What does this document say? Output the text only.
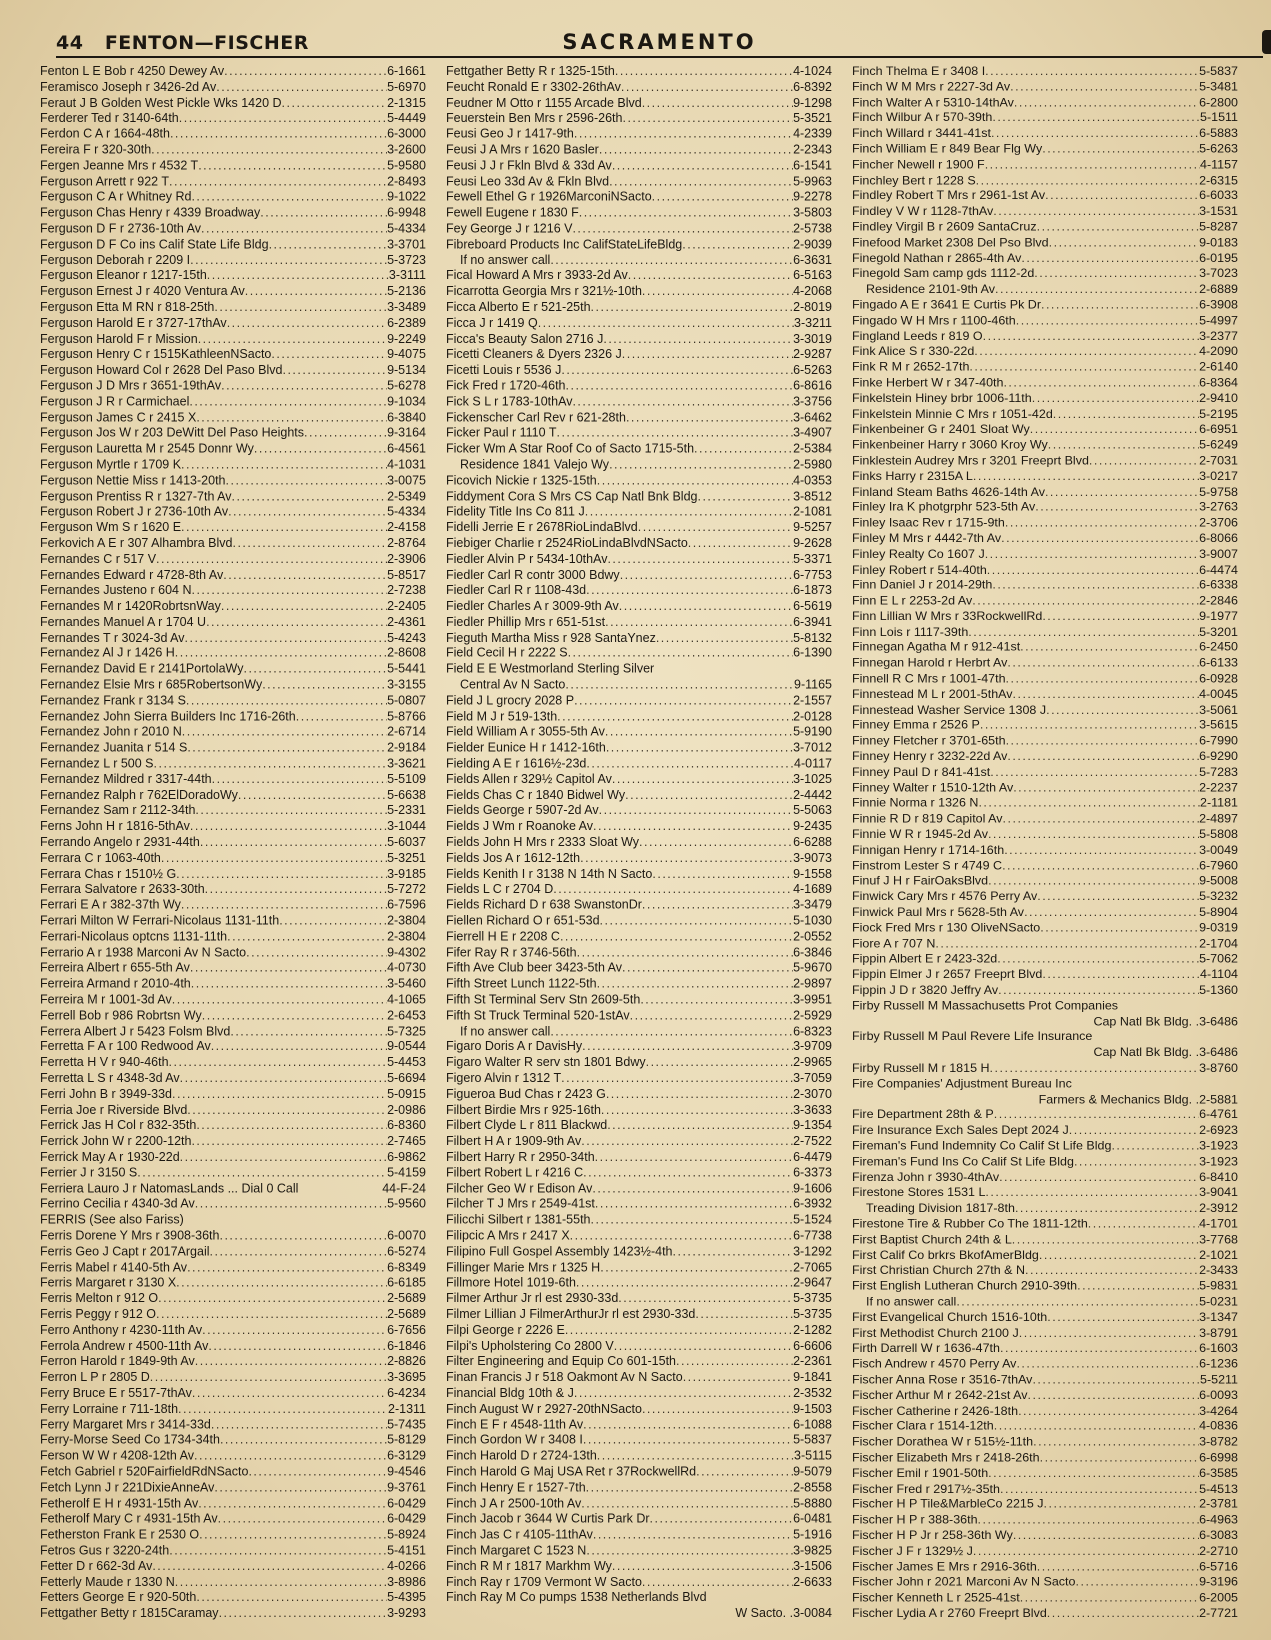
44 FENTON—FISCHER	SACRAMENTO
Fenton L E Bob r 4250 Dewey Av .....	6-1661
Feramisco Joseph r 3426-2d Av .....	5-6970
Feraut J B Golden West Pickle Wks 1420 D .....	2-1315
Ferderer Ted r 3140-64th .....	5-4449
Ferdon C A r 1664-48th .....	6-3000
Fereira F r 320-30th .....	3-2600
Fergen Jeanne Mrs r 4532 T .....	5-9580
Ferguson Arrett r 922 T .....	2-8493
Ferguson C A r Whitney Rd .....	9-1022
Ferguson Chas Henry r 4339 Broadway .....	6-9948
Ferguson D F r 2736-10th Av .....	5-4334
Ferguson D F Co ins Calif State Life Bldg .....	3-3701
Ferguson Deborah r 2209 I .....	5-3723
Ferguson Eleanor r 1217-15th .....	3-3111
Ferguson Ernest J r 4020 Ventura Av .....	5-2136
Ferguson Etta M RN r 818-25th .....	3-3489
Ferguson Harold E r 3727-17thAv .....	6-2389
Ferguson Harold F r Mission .....	9-2249
Ferguson Henry C r 1515KathleenNSacto .....	9-4075
Ferguson Howard Col r 2628 Del Paso Blvd .....	9-5134
Ferguson J D Mrs r 3651-19thAv .....	5-6278
Ferguson J R r Carmichael .....	9-1034
Ferguson James C r 2415 X .....	6-3840
Ferguson Jos W r 203 DeWitt Del Paso Heights .....	9-3164
Ferguson Lauretta M r 2545 Donnr Wy .....	6-4561
Ferguson Myrtle r 1709 K .....	4-1031
Ferguson Nettie Miss r 1413-20th .....	3-0075
Ferguson Prentiss R r 1327-7th Av .....	2-5349
Ferguson Robert J r 2736-10th Av .....	5-4334
Ferguson Wm S r 1620 E .....	2-4158
Ferkovich A E r 307 Alhambra Blvd .....	2-8764
Fernandes C r 517 V .....	2-3906
Fernandes Edward r 4728-8th Av .....	5-8517
Fernandes Justeno r 604 N .....	2-7238
Fernandes M r 1420RobrtsnWay .....	2-2405
Fernandes Manuel A r 1704 U .....	2-4361
Fernandes T r 3024-3d Av .....	5-4243
Fernandez Al J r 1426 H .....	2-8608
Fernandez David E r 2141PortolaWy .....	5-5441
Fernandez Elsie Mrs r 685RobertsonWy .....	3-3155
Fernandez Frank r 3134 S .....	5-0807
Fernandez John Sierra Builders Inc 1716-26th .....	5-8766
Fernandez John r 2010 N .....	2-6714
Fernandez Juanita r 514 S .....	2-9184
Fernandez L r 500 S .....	3-3621
Fernandez Mildred r 3317-44th .....	5-5109
Fernandez Ralph r 762ElDoradoWy .....	5-6638
Fernandez Sam r 2112-34th .....	5-2331
Ferns John H r 1816-5thAv .....	3-1044
Ferrando Angelo r 2931-44th .....	5-6037
Ferrara C r 1063-40th .....	5-3251
Ferrara Chas r 1510½ G .....	3-9185
Ferrara Salvatore r 2633-30th .....	5-7272
Ferrari E A r 382-37th Wy .....	6-7596
Ferrari Milton W Ferrari-Nicolaus 1131-11th .....	2-3804
Ferrari-Nicolaus optcns 1131-11th .....	2-3804
Ferrario A r 1938 Marconi Av N Sacto .....	9-4302
Ferreira Albert r 655-5th Av .....	4-0730
Ferreira Armand r 2010-4th .....	3-5460
Ferreira M r 1001-3d Av .....	4-1065
Ferrell Bob r 986 Robrtsn Wy .....	2-6453
Ferrera Albert J r 5423 Folsm Blvd .....	5-7325
Ferretta F A r 100 Redwood Av .....	9-0544
Ferretta H V r 940-46th .....	5-4453
Ferretta L S r 4348-3d Av .....	5-6694
Ferri John B r 3949-33d .....	5-0915
Ferria Joe r Riverside Blvd .....	2-0986
Ferrick Jas H Col r 832-35th .....	6-8360
Ferrick John W r 2200-12th .....	2-7465
Ferrick May A r 1930-22d .....	6-9862
Ferrier J r 3150 S .....	5-4159
Ferriera Lauro J r NatomasLands ... Dial 0 Call	44-F-24
Ferrino Cecilia r 4340-3d Av .....	5-9560
FERRIS (See also Fariss)
Ferris Dorene Y Mrs r 3908-36th .....	6-0070
Ferris Geo J Capt r 2017Argail .....	6-5274
Ferris Mabel r 4140-5th Av .....	6-8349
Ferris Margaret r 3130 X .....	6-6185
Ferris Melton r 912 O .....	2-5689
Ferris Peggy r 912 O .....	2-5689
Ferro Anthony r 4230-11th Av .....	6-7656
Ferrola Andrew r 4500-11th Av .....	6-1846
Ferron Harold r 1849-9th Av .....	2-8826
Ferron L P r 2805 D .....	3-3695
Ferry Bruce E r 5517-7thAv .....	6-4234
Ferry Lorraine r 711-18th .....	2-1311
Ferry Margaret Mrs r 3414-33d .....	5-7435
Ferry-Morse Seed Co 1734-34th .....	5-8129
Ferson W W r 4208-12th Av .....	6-3129
Fetch Gabriel r 520FairfieldRdNSacto .....	9-4546
Fetch Lynn J r 221DixieAnneAv .....	9-3761
Fetherolf E H r 4931-15th Av .....	6-0429
Fetherolf Mary C r 4931-15th Av .....	6-0429
Fetherston Frank E r 2530 O .....	5-8924
Fetros Gus r 3220-24th .....	5-4151
Fetter D r 662-3d Av .....	4-0266
Fetterly Maude r 1330 N .....	3-8986
Fetters George E r 920-50th .....	5-4395
Fettgather Betty r 1815Caramay .....	3-9293
Fettgather Betty R r 1325-15th .....	4-1024
Feucht Ronald E r 3302-26thAv .....	6-8392
Feudner M Otto r 1155 Arcade Blvd .....	9-1298
Feuerstein Ben Mrs r 2596-26th .....	5-3521
Feusi Geo J r 1417-9th .....	4-2339
Feusi J A Mrs r 1620 Basler .....	2-2343
Feusi J J r Fkln Blvd & 33d Av .....	6-1541
Feusi Leo 33d Av & Fkln Blvd .....	5-9963
Fewell Ethel G r 1926MarconiNSacto .....	9-2278
Fewell Eugene r 1830 F .....	3-5803
Fey George J r 1216 V .....	2-5738
Fibreboard Products Inc CalifStateLifeBldg .....	2-9039
If no answer call .....	6-3631
Fical Howard A Mrs r 3933-2d Av .....	6-5163
Ficarrotta Georgia Mrs r 321½-10th .....	4-2068
Ficca Alberto E r 521-25th .....	2-8019
Ficca J r 1419 Q .....	3-3211
Ficca's Beauty Salon 2716 J .....	3-3019
Ficetti Cleaners & Dyers 2326 J .....	2-9287
Ficetti Louis r 5536 J .....	6-5263
Fick Fred r 1720-46th .....	6-8616
Fick S L r 1783-10thAv .....	3-3756
Fickenscher Carl Rev r 621-28th .....	3-6462
Ficker Paul r 1110 T .....	3-4907
Ficker Wm A Star Roof Co of Sacto 1715-5th .....	2-5384
Residence 1841 Valejo Wy .....	2-5980
Ficovich Nickie r 1325-15th .....	4-0353
Fiddyment Cora S Mrs CS Cap Natl Bnk Bldg .....	3-8512
Fidelity Title Ins Co 811 J .....	2-1081
Fidelli Jerrie E r 2678RioLindaBlvd .....	9-5257
Fiebiger Charlie r 2524RioLindaBlvdNSacto .....	9-2628
Fiedler Alvin P r 5434-10thAv .....	5-3371
Fiedler Carl R contr 3000 Bdwy .....	6-7753
Fiedler Carl R r 1108-43d .....	6-1873
Fiedler Charles A r 3009-9th Av .....	6-5619
Fiedler Phillip Mrs r 651-51st .....	6-3941
Fieguth Martha Miss r 928 SantaYnez .....	5-8132
Field Cecil H r 2222 S .....	6-1390
Field E E Westmorland Sterling Silver
Central Av N Sacto .....	9-1165
Field J L grocry 2028 P .....	2-1557
Field M J r 519-13th .....	2-0128
Field William A r 3055-5th Av .....	5-9190
Fielder Eunice H r 1412-16th .....	3-7012
Fielding A E r 1616½-23d .....	4-0117
Fields Allen r 329½ Capitol Av .....	3-1025
Fields Chas C r 1840 Bidwel Wy .....	2-4442
Fields George r 5907-2d Av .....	5-5063
Fields J Wm r Roanoke Av .....	9-2435
Fields John H Mrs r 2333 Sloat Wy .....	6-6288
Fields Jos A r 1612-12th .....	3-9073
Fields Kenith I r 3138 N 14th N Sacto .....	9-1558
Fields L C r 2704 D .....	4-1689
Fields Richard D r 638 SwanstonDr .....	3-3479
Fiellen Richard O r 651-53d .....	5-1030
Fierrell H E r 2208 C .....	2-0552
Fifer Ray R r 3746-56th .....	6-3846
Fifth Ave Club beer 3423-5th Av .....	5-9670
Fifth Street Lunch 1122-5th .....	2-9897
Fifth St Terminal Serv Stn 2609-5th .....	3-9951
Fifth St Truck Terminal 520-1stAv .....	2-5929
If no answer call .....	6-8323
Figaro Doris A r DavisHy .....	3-9709
Figaro Walter R serv stn 1801 Bdwy .....	2-9965
Figero Alvin r 1312 T .....	3-7059
Figueroa Bud Chas r 2423 G .....	2-3070
Filbert Birdie Mrs r 925-16th .....	3-3633
Filbert Clyde L r 811 Blackwd .....	9-1354
Filbert H A r 1909-9th Av .....	2-7522
Filbert Harry R r 2950-34th .....	6-4479
Filbert Robert L r 4216 C .....	6-3373
Filcher Geo W r Edison Av .....	9-1606
Filcher T J Mrs r 2549-41st .....	6-3932
Filicchi Silbert r 1381-55th .....	5-1524
Filipcic A Mrs r 2417 X .....	6-7738
Filipino Full Gospel Assembly 1423½-4th .....	3-1292
Fillinger Marie Mrs r 1325 H .....	2-7065
Fillmore Hotel 1019-6th .....	2-9647
Filmer Arthur Jr rl est 2930-33d .....	5-3735
Filmer Lillian J FilmerArthurJr rl est 2930-33d .....	5-3735
Filpi George r 2226 E .....	2-1282
Filpi's Upholstering Co 2800 V .....	6-6606
Filter Engineering and Equip Co 601-15th .....	2-2361
Finan Francis J r 518 Oakmont Av N Sacto .....	9-1841
Financial Bldg 10th & J .....	2-3532
Finch August W r 2927-20thNSacto .....	9-1503
Finch E F r 4548-11th Av .....	6-1088
Finch Gordon W r 3408 I .....	5-5837
Finch Harold D r 2724-13th .....	3-5115
Finch Harold G Maj USA Ret r 37RockwellRd .....	9-5079
Finch Henry E r 1527-7th .....	2-8558
Finch J A r 2500-10th Av .....	5-8880
Finch Jacob r 3644 W Curtis Park Dr .....	6-0481
Finch Jas C r 4105-11thAv .....	5-1916
Finch Margaret C 1523 N .....	3-9825
Finch R M r 1817 Markhm Wy .....	3-1506
Finch Ray r 1709 Vermont W Sacto .....	2-6633
Finch Ray M Co pumps 1538 Netherlands Blvd
W Sacto . . 3-0084
Finch Thelma E r 3408 I .....	5-5837
Finch W M Mrs r 2227-3d Av .....	5-3481
Finch Walter A r 5310-14thAv .....	6-2800
Finch Wilbur A r 570-39th .....	5-1511
Finch Willard r 3441-41st .....	6-5883
Finch William E r 849 Bear Flg Wy .....	5-6263
Fincher Newell r 1900 F .....	4-1157
Finchley Bert r 1228 S .....	2-6315
Findley Robert T Mrs r 2961-1st Av .....	6-6033
Findley V W r 1128-7thAv .....	3-1531
Findley Virgil B r 2609 SantaCruz .....	5-8287
Finefood Market 2308 Del Pso Blvd .....	9-0183
Finegold Nathan r 2865-4th Av .....	6-0195
Finegold Sam camp gds 1112-2d .....	3-7023
Residence 2101-9th Av .....	2-6889
Fingado A E r 3641 E Curtis Pk Dr .....	6-3908
Fingado W H Mrs r 1100-46th .....	5-4997
Fingland Leeds r 819 O .....	3-2377
Fink Alice S r 330-22d .....	4-2090
Fink R M r 2652-17th .....	2-6140
Finke Herbert W r 347-40th .....	6-8364
Finkelstein Hiney brbr 1006-11th .....	2-9410
Finkelstein Minnie C Mrs r 1051-42d .....	5-2195
Finkenbeiner G r 2401 Sloat Wy .....	6-6951
Finkenbeiner Harry r 3060 Kroy Wy .....	5-6249
Finklestein Audrey Mrs r 3201 Freeprt Blvd .....	2-7031
Finks Harry r 2315A L .....	3-0217
Finland Steam Baths 4626-14th Av .....	5-9758
Finley Ira K photgrphr 523-5th Av .....	3-2763
Finley Isaac Rev r 1715-9th .....	2-3706
Finley M Mrs r 4442-7th Av .....	6-8066
Finley Realty Co 1607 J .....	3-9007
Finley Robert r 514-40th .....	6-4474
Finn Daniel J r 2014-29th .....	6-6338
Finn E L r 2253-2d Av .....	2-2846
Finn Lillian W Mrs r 33RockwellRd .....	9-1977
Finn Lois r 1117-39th .....	5-3201
Finnegan Agatha M r 912-41st .....	6-2450
Finnegan Harold r Herbrt Av .....	6-6133
Finnell R C Mrs r 1001-47th .....	6-0928
Finnestead M L r 2001-5thAv .....	4-0045
Finnestead Washer Service 1308 J .....	3-5061
Finney Emma r 2526 P .....	3-5615
Finney Fletcher r 3701-65th .....	6-7990
Finney Henry r 3232-22d Av .....	6-9290
Finney Paul D r 841-41st .....	5-7283
Finney Walter r 1510-12th Av .....	2-2237
Finnie Norma r 1326 N .....	2-1181
Finnie R D r 819 Capitol Av .....	2-4897
Finnie W R r 1945-2d Av .....	5-5808
Finnigan Henry r 1714-16th .....	3-0049
Finstrom Lester S r 4749 C .....	6-7960
Finuf J H r FairOaksBlvd .....	9-5008
Finwick Cary Mrs r 4576 Perry Av .....	5-3232
Finwick Paul Mrs r 5628-5th Av .....	5-8904
Fiock Fred Mrs r 130 OliveNSacto .....	9-0319
Fiore A r 707 N .....	2-1704
Fippin Albert E r 2423-32d .....	5-7062
Fippin Elmer J r 2657 Freeprt Blvd .....	4-1104
Fippin J D r 3820 Jeffry Av .....	5-1360
Firby Russell M Massachusetts Prot Companies
Cap Natl Bk Bldg . . 3-6486
Firby Russell M Paul Revere Life Insurance
Cap Natl Bk Bldg . . 3-6486
Firby Russell M r 1815 H .....	3-8760
Fire Companies' Adjustment Bureau Inc
Farmers & Mechanics Bldg . . 2-5881
Fire Department 28th & P .....	6-4761
Fire Insurance Exch Sales Dept 2024 J .....	2-6923
Fireman's Fund Indemnity Co Calif St Life Bldg .....	3-1923
Fireman's Fund Ins Co Calif St Life Bldg .....	3-1923
Firenza John r 3930-4thAv .....	6-8410
Firestone Stores 1531 L .....	3-9041
Treading Division 1817-8th .....	2-3912
Firestone Tire & Rubber Co The 1811-12th .....	4-1701
First Baptist Church 24th & L .....	3-7768
First Calif Co brkrs BkofAmerBldg .....	2-1021
First Christian Church 27th & N .....	2-3433
First English Lutheran Church 2910-39th .....	5-9831
If no answer call .....	5-0231
First Evangelical Church 1516-10th .....	3-1347
First Methodist Church 2100 J .....	3-8791
Firth Darrell W r 1636-47th .....	6-1603
Fisch Andrew r 4570 Perry Av .....	6-1236
Fischer Anna Rose r 3516-7thAv .....	5-5211
Fischer Arthur M r 2642-21st Av .....	6-0093
Fischer Catherine r 2426-18th .....	3-4264
Fischer Clara r 1514-12th .....	4-0836
Fischer Dorathea W r 515½-11th .....	3-8782
Fischer Elizabeth Mrs r 2418-26th .....	6-6998
Fischer Emil r 1901-50th .....	6-3585
Fischer Fred r 2917½-35th .....	5-4513
Fischer H P Tile&MarbleCo 2215 J .....	2-3781
Fischer H P r 388-36th .....	6-4963
Fischer H P Jr r 258-36th Wy .....	6-3083
Fischer J F r 1329½ J .....	2-2710
Fischer James E Mrs r 2916-36th .....	6-5716
Fischer John r 2021 Marconi Av N Sacto .....	9-3196
Fischer Kenneth L r 2525-41st .....	6-2005
Fischer Lydia A r 2760 Freeprt Blvd .....	2-7721
